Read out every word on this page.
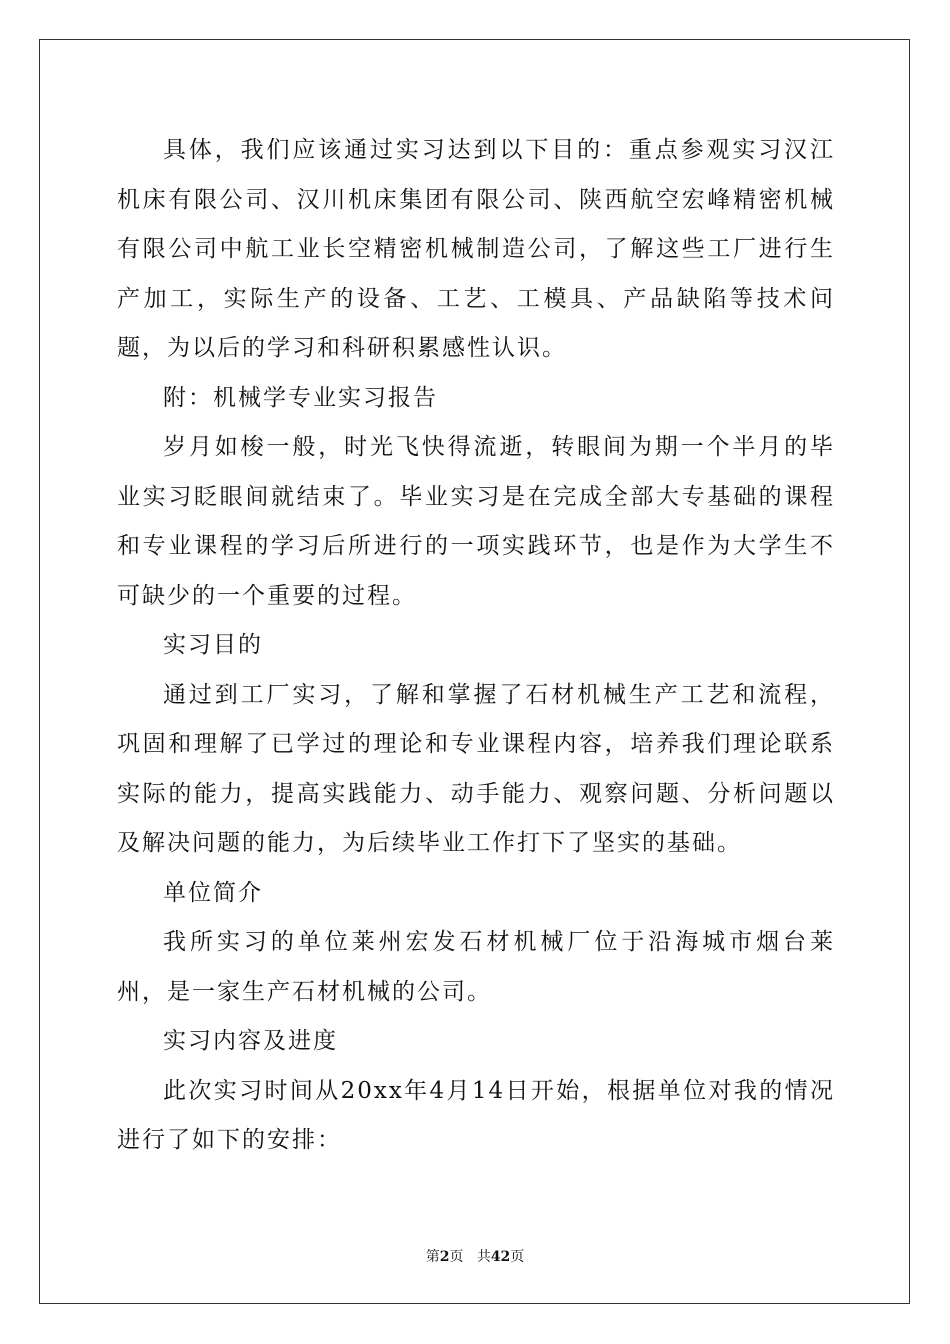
具体，我们应该通过实习达到以下目的：重点参观实习汉江机床有限公司、汉川机床集团有限公司、陕西航空宏峰精密机械有限公司中航工业长空精密机械制造公司，了解这些工厂进行生产加工，实际生产的设备、工艺、工模具、产品缺陷等技术问题，为以后的学习和科研积累感性认识。

附：机械学专业实习报告

岁月如梭一般，时光飞快得流逝，转眼间为期一个半月的毕业实习眨眼间就结束了。毕业实习是在完成全部大专基础的课程和专业课程的学习后所进行的一项实践环节，也是作为大学生不可缺少的一个重要的过程。

实习目的

通过到工厂实习，了解和掌握了石材机械生产工艺和流程，巩固和理解了已学过的理论和专业课程内容，培养我们理论联系实际的能力，提高实践能力、动手能力、观察问题、分析问题以及解决问题的能力，为后续毕业工作打下了坚实的基础。

单位简介

我所实习的单位莱州宏发石材机械厂位于沿海城市烟台莱州，是一家生产石材机械的公司。

实习内容及进度

此次实习时间从20xx年4月14日开始，根据单位对我的情况进行了如下的安排：

第2页 共42页
